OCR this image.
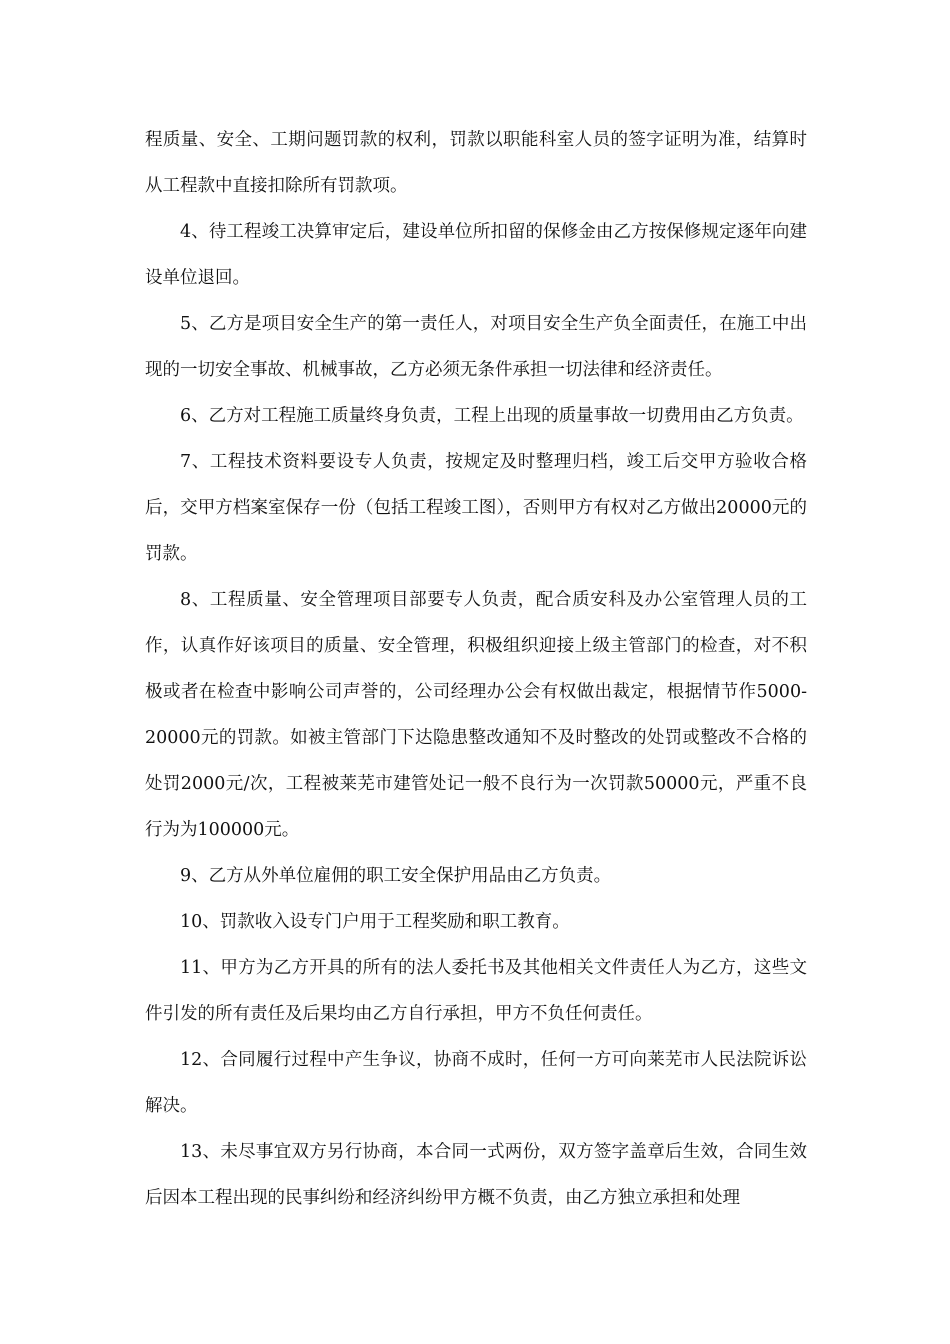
程质量、安全、工期问题罚款的权利，罚款以职能科室人员的签字证明为准，结算时从工程款中直接扣除所有罚款项。

4、待工程竣工决算审定后，建设单位所扣留的保修金由乙方按保修规定逐年向建设单位退回。

5、乙方是项目安全生产的第一责任人，对项目安全生产负全面责任，在施工中出现的一切安全事故、机械事故，乙方必须无条件承担一切法律和经济责任。

6、乙方对工程施工质量终身负责，工程上出现的质量事故一切费用由乙方负责。

7、工程技术资料要设专人负责，按规定及时整理归档，竣工后交甲方验收合格后，交甲方档案室保存一份（包括工程竣工图），否则甲方有权对乙方做出20000元的罚款。

8、工程质量、安全管理项目部要专人负责，配合质安科及办公室管理人员的工作，认真作好该项目的质量、安全管理，积极组织迎接上级主管部门的检查，对不积极或者在检查中影响公司声誉的，公司经理办公会有权做出裁定，根据情节作5000-20000元的罚款。如被主管部门下达隐患整改通知不及时整改的处罚或整改不合格的处罚2000元/次，工程被莱芜市建管处记一般不良行为一次罚款50000元，严重不良行为为100000元。

9、乙方从外单位雇佣的职工安全保护用品由乙方负责。

10、罚款收入设专门户用于工程奖励和职工教育。

11、甲方为乙方开具的所有的法人委托书及其他相关文件责任人为乙方，这些文件引发的所有责任及后果均由乙方自行承担，甲方不负任何责任。

12、合同履行过程中产生争议，协商不成时，任何一方可向莱芜市人民法院诉讼解决。

13、未尽事宜双方另行协商，本合同一式两份，双方签字盖章后生效，合同生效后因本工程出现的民事纠纷和经济纠纷甲方概不负责，由乙方独立承担和处理
